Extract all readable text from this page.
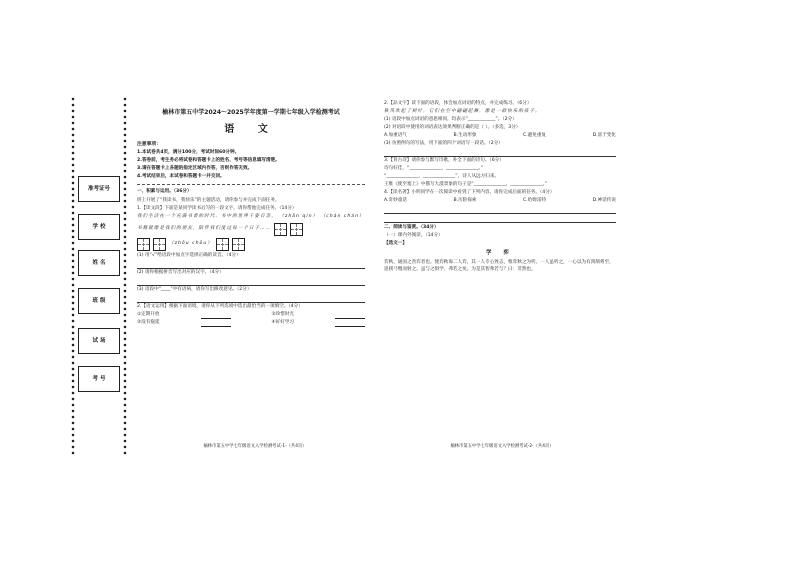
准考证号
学 校
姓 名
班 级
试 场
考 号
榆林市第五中学2024～2025学年度第一学期七年级入学检测考试
语 文
注意事项：
1.本试卷共4页，满分100分，考试时间60分钟。
2.答卷前，考生务必将试卷和答题卡上的姓名、考号等信息填写清楚。
3.请在答题卡上各题的指定区域内作答，否则作答无效。
4.考试结束后，本试卷和答题卡一并交回。
一、积累与运用。（36分）
班上开展了“我读书，我快乐”的主题活动，请你参与并完成下面任务。
1.【读文段】下面是某同学读书后写的一段文字，请你帮他完成任务。（14分）
我们生活在一个充满书香的时代，书中的世界千姿百态。 （zhān qín） （chán chán）
书籍就像是我们的朋友，陪伴我们度过每一个日子……
（zhōu chōu）
(1) 用“√”给语段中加点字选择正确的读音。（4分）
(2) 请你根据拼音写出对应的汉字。（4分）
(3) 语段中“____”中有语病，请你写出修改意见。（2分）
2.【语文运用】根据下面语境，请你从下列选项中选出最恰当的一项填空。（4分）
①定期开放	②珍惜时光
③没有拖延	④好好学习
榆林市第五中学七年级语文入学检测考试-1-（共4页）
2.【品文字】读下面的语段，体会加点词语的特点，并完成练习。（6分）
秋风吹起了树叶，它们在空中翩翩起舞，像是一群快乐的孩子。
(1) 语段中加点词语的意思相同，均表示“____________”。（2分）
(2) 对语段中使用的词语表达效果判断正确的是（ ）。（多选，3分）
A.加重语气	B.生动形象	C.避免重复	D.富于变化
(3) 仿照例句的写法，用下面的四个词语写一段话。（2分）
3.【背古诗】请你参与默写诗歌，补全下面的诗句。（6分）
诗句好佳，“______________，______________。”
“______________，______________”，诗人从远方归来。
王维《使至塞上》中描写大漠景象的句子是“______________，______________。”
4.【读名著】小明同学在一次阅读中看到了下列内容，请你完成后面的任务。（4分）
A.奇妙童话	B.历险探索	C.哈姆雷特	D.神话传说
二、阅读与鉴赏。（34分）
（一）课内外阅读，（14分）
【选文一】
学 弈
弈秋，通国之善弈者也。使弈秋诲二人弈，其一人专心致志，惟弈秋之为听。一人虽听之，一心以为有鸿鹄将至，思援弓缴而射之。虽与之俱学，弗若之矣。为是其智弗若与？曰：非然也。
榆林市第五中学七年级语文入学检测考试-2-（共4页）
